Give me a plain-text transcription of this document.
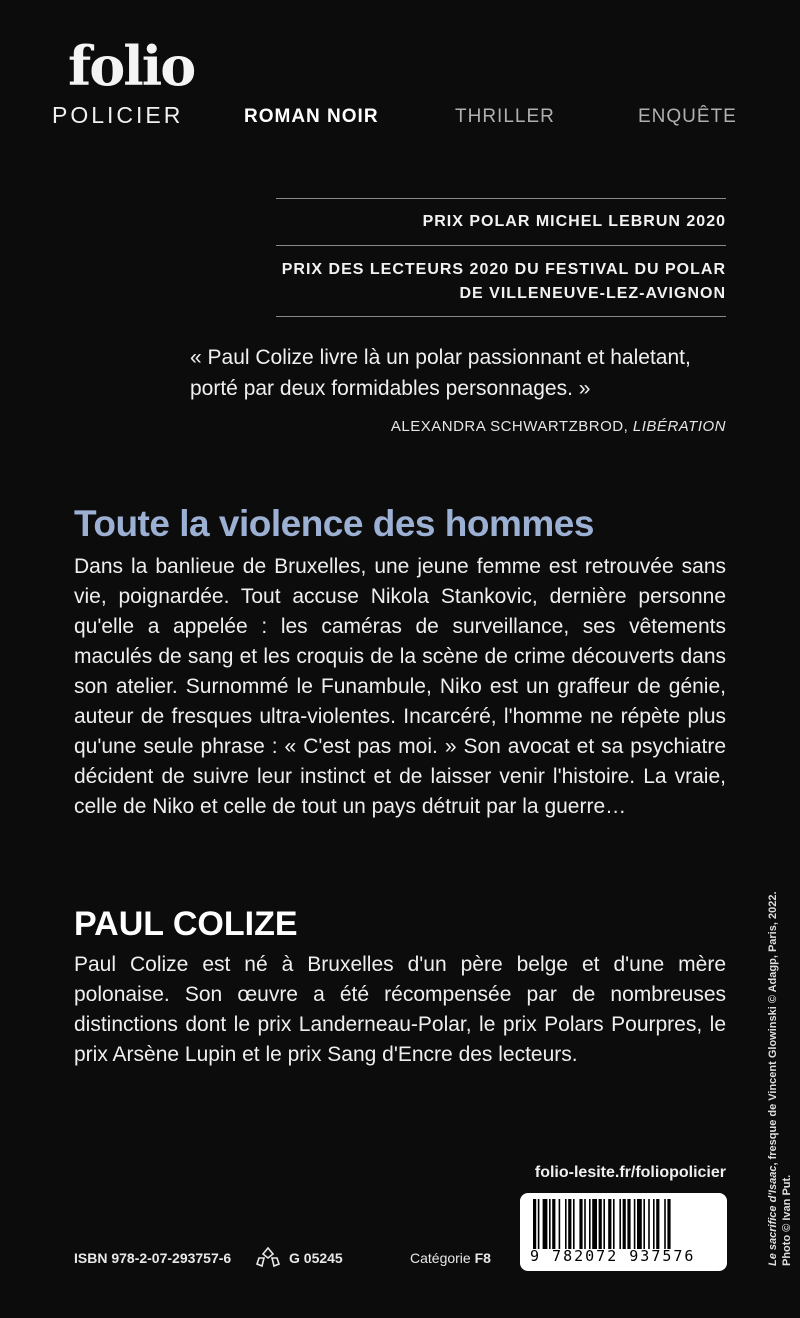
folio
POLICIER	ROMAN NOIR	THRILLER	ENQUÊTE
PRIX POLAR MICHEL LEBRUN 2020
PRIX DES LECTEURS 2020 DU FESTIVAL DU POLAR
DE VILLENEUVE-LEZ-AVIGNON
« Paul Colize livre là un polar passionnant et haletant, porté par deux formidables personnages. »
ALEXANDRA SCHWARTZBROD, LIBÉRATION
Toute la violence des hommes
Dans la banlieue de Bruxelles, une jeune femme est retrouvée sans vie, poignardée. Tout accuse Nikola Stankovic, dernière personne qu'elle a appelée : les caméras de surveillance, ses vêtements maculés de sang et les croquis de la scène de crime découverts dans son atelier. Surnommé le Funambule, Niko est un graffeur de génie, auteur de fresques ultra-violentes. Incarcéré, l'homme ne répète plus qu'une seule phrase : « C'est pas moi. » Son avocat et sa psychiatre décident de suivre leur instinct et de laisser venir l'histoire. La vraie, celle de Niko et celle de tout un pays détruit par la guerre…
PAUL COLIZE
Paul Colize est né à Bruxelles d'un père belge et d'une mère polonaise. Son œuvre a été récompensée par de nombreuses distinctions dont le prix Landerneau-Polar, le prix Polars Pourpres, le prix Arsène Lupin et le prix Sang d'Encre des lecteurs.
Le sacrifice d'Isaac, fresque de Vincent Glowinski © Adagp, Paris, 2022.
Photo © Ivan Put.
folio-lesite.fr/foliopolicier
ISBN 978-2-07-293757-6	G 05245	Catégorie F8	9 782072 937576
